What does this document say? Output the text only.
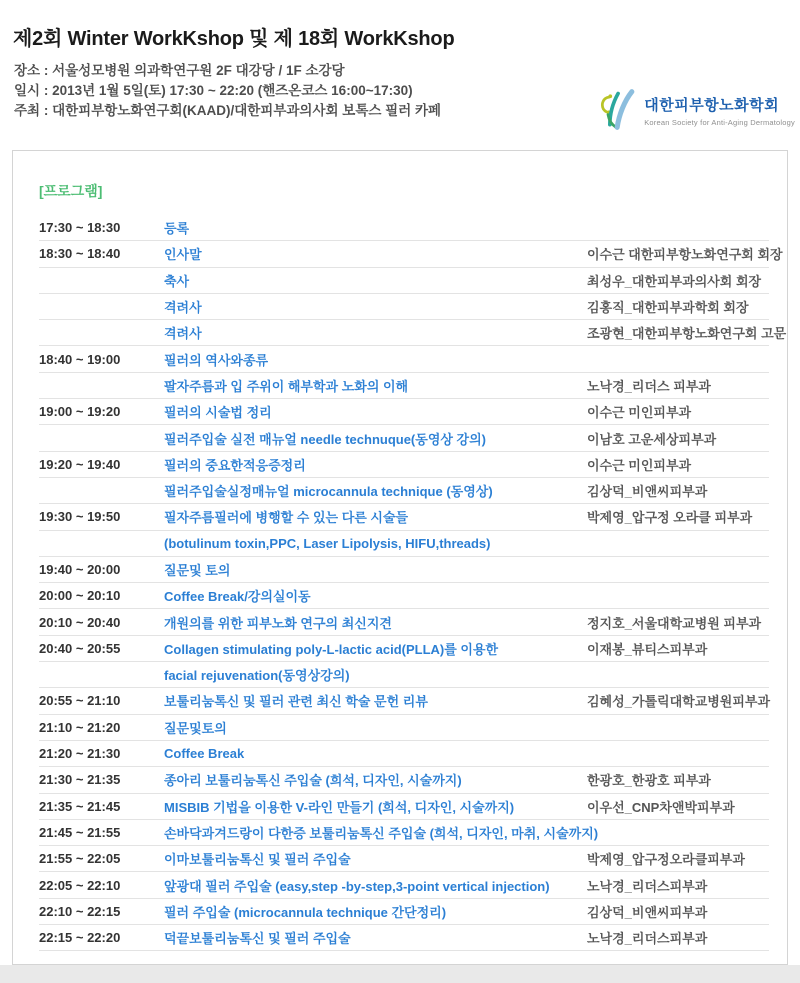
제2회 Winter WorkKshop 및 제 18회 WorkKshop
장소 : 서울성모병원 의과학연구원 2F 대강당 / 1F 소강당
일시 : 2013년 1월 5일(토) 17:30 ~ 22:20 (핸즈온코스 16:00~17:30)
주최 : 대한피부항노화연구회(KAAD)/대한피부과의사회 보톡스 필러 카페	대한피부항노화학회
Korean Society for Anti-Aging Dermatology
[프로그램]
17:30 ~ 18:30	등록
18:30 ~ 18:40	인사말	이수근 대한피부항노화연구회 회장
축사	최성우_대한피부과의사회 회장
격려사	김홍직_대한피부과학회 회장
격려사	조광현_대한피부항노화연구회 고문
18:40 ~ 19:00	필러의 역사와종류
팔자주름과 입 주위이 해부학과 노화의 이해	노낙경_리더스 피부과
19:00 ~ 19:20	필러의 시술법 정리	이수근 미인피부과
필러주입술 실전 매뉴얼 needle technuque(동영상 강의)	이남호 고운세상피부과
19:20 ~ 19:40	필러의 중요한적응증정리	이수근 미인피부과
필러주입술실정매뉴얼 microcannula technique (동영상)	김상덕_비앤씨피부과
19:30 ~ 19:50	필자주름필러에 병행할 수 있는 다른 시술들	박제영_압구정 오라클 피부과
(botulinum toxin,PPC, Laser Lipolysis, HIFU,threads)
19:40 ~ 20:00	질문및 토의
20:00 ~ 20:10	Coffee Break/강의실이동
20:10 ~ 20:40	개원의를 위한 피부노화 연구의 최신지견	정지호_서울대학교병원 피부과
20:40 ~ 20:55	Collagen stimulating poly-L-lactic acid(PLLA)를 이용한	이재봉_뷰티스피부과
facial rejuvenation(동영상강의)
20:55 ~ 21:10	보툴리눔톡신 및 필러 관련 최신 학술 문헌 리뷰	김혜성_가톨릭대학교병원피부과
21:10 ~ 21:20	질문및토의
21:20 ~ 21:30	Coffee Break
21:30 ~ 21:35	종아리 보툴리눔톡신 주입술 (희석, 디자인, 시술까지)	한광호_한광호 피부과
21:35 ~ 21:45	MISBIB 기법을 이용한 V-라인 만들기 (희석, 디자인, 시술까지)	이우선_CNP차앤박피부과
21:45 ~ 21:55	손바닥과겨드랑이 다한증 보툴리눔톡신 주입술 (희석, 디자인, 마취, 시술까지)
21:55 ~ 22:05	이마보툴리눔톡신 및 필러 주입술	박제영_압구정오라클피부과
22:05 ~ 22:10	앞광대 필러 주입술 (easy,step -by-step,3-point vertical injection)	노낙경_리더스피부과
22:10 ~ 22:15	필러 주입술 (microcannula technique 간단정리)	김상덕_비앤씨피부과
22:15 ~ 22:20	덕끝보툴리눔톡신 및 필러 주입술	노낙경_리더스피부과
